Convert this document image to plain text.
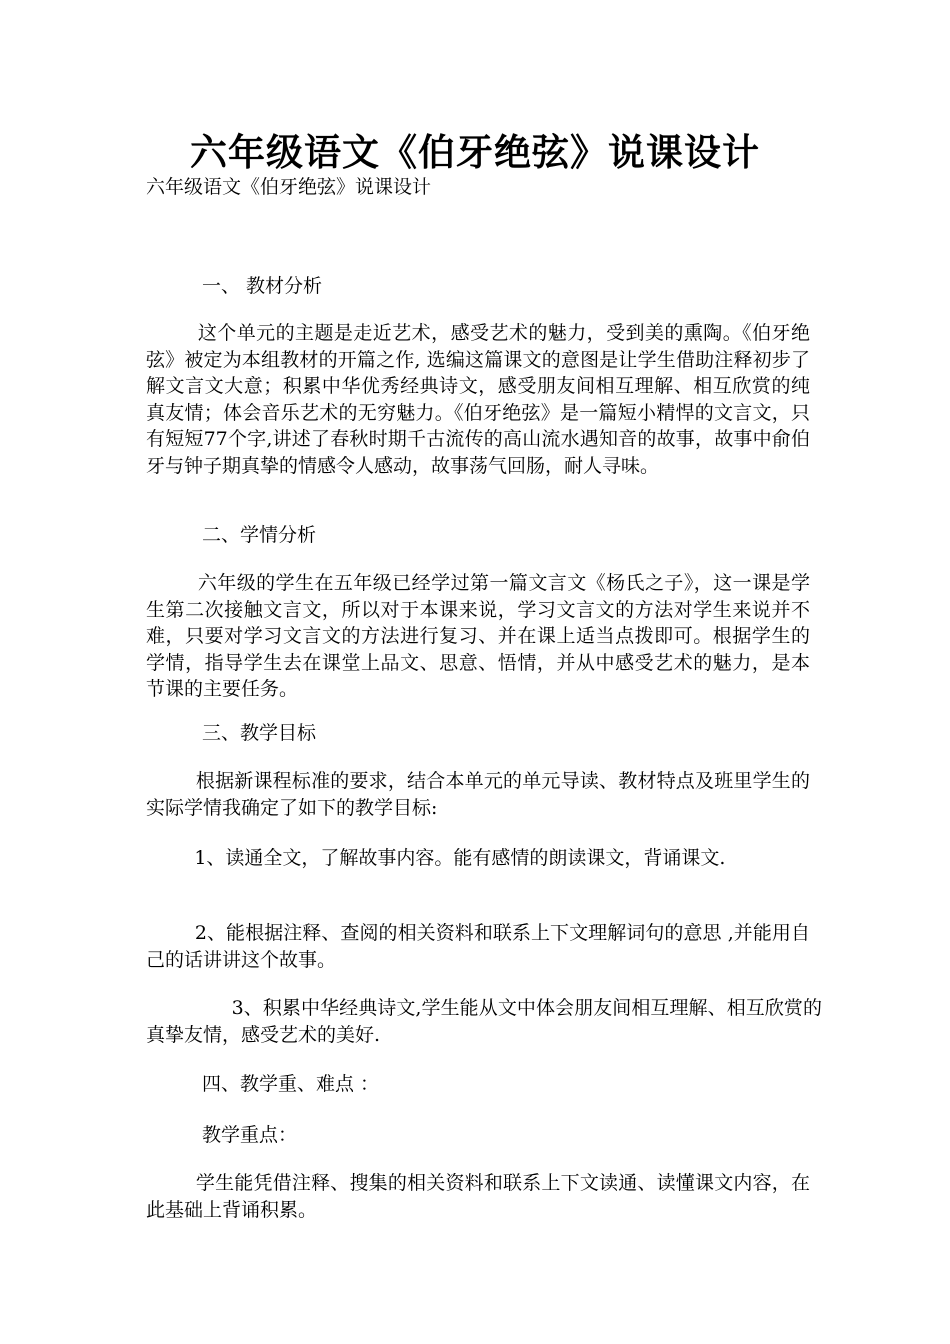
六年级语文《伯牙绝弦》说课设计

六年级语文《伯牙绝弦》说课设计

一、 教材分析

这个单元的主题是走近艺术，感受艺术的魅力，受到美的熏陶。《伯牙绝弦》被定为本组教材的开篇之作, 选编这篇课文的意图是让学生借助注释初步了解文言文大意；积累中华优秀经典诗文，感受朋友间相互理解、相互欣赏的纯真友情；体会音乐艺术的无穷魅力。《伯牙绝弦》是一篇短小精悍的文言文，只有短短77个字,讲述了春秋时期千古流传的高山流水遇知音的故事，故事中俞伯牙与钟子期真挚的情感令人感动，故事荡气回肠，耐人寻味。

二、学情分析

六年级的学生在五年级已经学过第一篇文言文《杨氏之子》，这一课是学生第二次接触文言文，所以对于本课来说，学习文言文的方法对学生来说并不难，只要对学习文言文的方法进行复习、并在课上适当点拨即可。根据学生的学情，指导学生去在课堂上品文、思意、悟情，并从中感受艺术的魅力，是本节课的主要任务。

三、教学目标

根据新课程标准的要求，结合本单元的单元导读、教材特点及班里学生的实际学情我确定了如下的教学目标:

1、读通全文，了解故事内容。能有感情的朗读课文，背诵课文.

2、能根据注释、查阅的相关资料和联系上下文理解词句的意思 ,并能用自己的话讲讲这个故事。

3、积累中华经典诗文,学生能从文中体会朋友间相互理解、相互欣赏的真挚友情，感受艺术的美好.

四、教学重、难点 ：

教学重点：

学生能凭借注释、搜集的相关资料和联系上下文读通、读懂课文内容，在此基础上背诵积累。
